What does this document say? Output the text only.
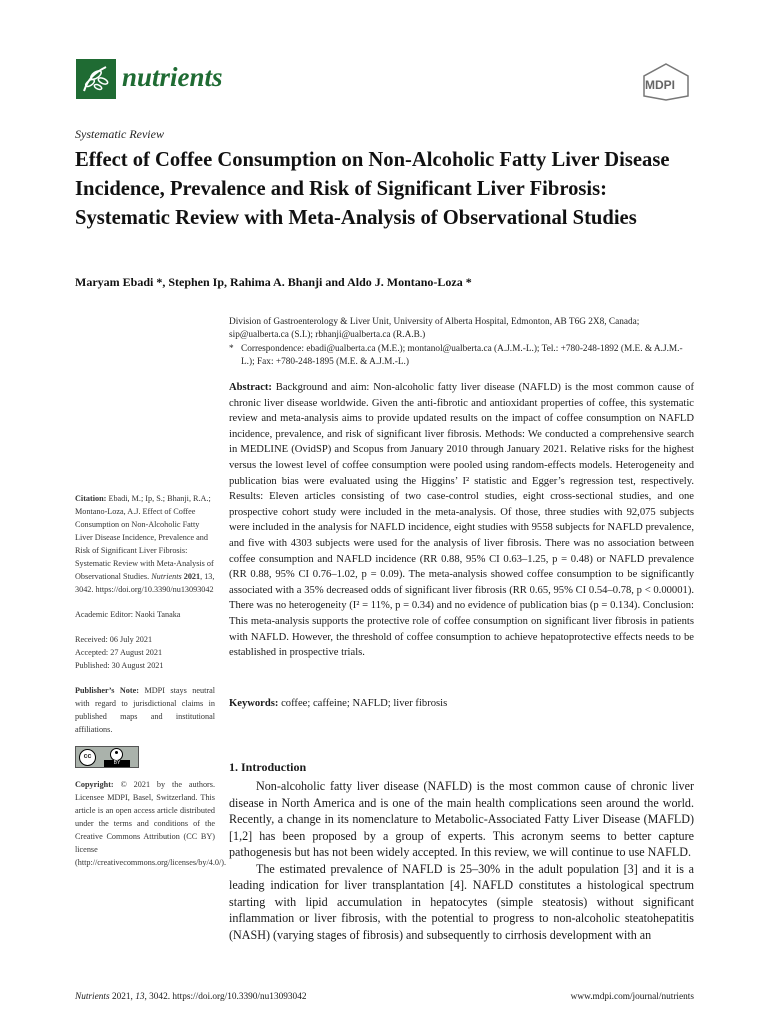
nutrients	MDPI
Systematic Review
Effect of Coffee Consumption on Non-Alcoholic Fatty Liver Disease Incidence, Prevalence and Risk of Significant Liver Fibrosis: Systematic Review with Meta-Analysis of Observational Studies
Maryam Ebadi *, Stephen Ip, Rahima A. Bhanji and Aldo J. Montano-Loza *
Division of Gastroenterology & Liver Unit, University of Alberta Hospital, Edmonton, AB T6G 2X8, Canada; sip@ualberta.ca (S.I.); rbhanji@ualberta.ca (R.A.B.)
* Correspondence: ebadi@ualberta.ca (M.E.); montanol@ualberta.ca (A.J.M.-L.); Tel.: +780-248-1892 (M.E. & A.J.M.-L.); Fax: +780-248-1895 (M.E. & A.J.M.-L.)
Abstract: Background and aim: Non-alcoholic fatty liver disease (NAFLD) is the most common cause of chronic liver disease worldwide. Given the anti-fibrotic and antioxidant properties of coffee, this systematic review and meta-analysis aims to provide updated results on the impact of coffee consumption on NAFLD incidence, prevalence, and risk of significant liver fibrosis. Methods: We conducted a comprehensive search in MEDLINE (OvidSP) and Scopus from January 2010 through January 2021. Relative risks for the highest versus the lowest level of coffee consumption were pooled using random-effects models. Heterogeneity and publication bias were evaluated using the Higgins’ I² statistic and Egger’s regression test, respectively. Results: Eleven articles consisting of two case-control studies, eight cross-sectional studies, and one prospective cohort study were included in the meta-analysis. Of those, three studies with 92,075 subjects were included in the analysis for NAFLD incidence, eight studies with 9558 subjects for NAFLD prevalence, and five with 4303 subjects were used for the analysis of liver fibrosis. There was no association between coffee consumption and NAFLD incidence (RR 0.88, 95% CI 0.63–1.25, p = 0.48) or NAFLD prevalence (RR 0.88, 95% CI 0.76–1.02, p = 0.09). The meta-analysis showed coffee consumption to be significantly associated with a 35% decreased odds of significant liver fibrosis (RR 0.65, 95% CI 0.54–0.78, p < 0.00001). There was no heterogeneity (I² = 11%, p = 0.34) and no evidence of publication bias (p = 0.134). Conclusion: This meta-analysis supports the protective role of coffee consumption on significant liver fibrosis in patients with NAFLD. However, the threshold of coffee consumption to achieve hepatoprotective effects needs to be established in prospective trials.
Keywords: coffee; caffeine; NAFLD; liver fibrosis

Citation: Ebadi, M.; Ip, S.; Bhanji, R.A.; Montano-Loza, A.J. Effect of Coffee Consumption on Non-Alcoholic Fatty Liver Disease Incidence, Prevalence and Risk of Significant Liver Fibrosis: Systematic Review with Meta-Analysis of Observational Studies. Nutrients 2021, 13, 3042. https://doi.org/10.3390/nu13093042

Academic Editor: Naoki Tanaka

Received: 06 July 2021

Accepted: 27 August 2021

Published: 30 August 2021

Publisher’s Note: MDPI stays neutral with regard to jurisdictional claims in published maps and institutional affiliations.

cc
BY

Copyright: © 2021 by the authors. Licensee MDPI, Basel, Switzerland. This article is an open access article distributed under the terms and conditions of the Creative Commons Attribution (CC BY) license (http://creativecommons.org/licenses/by/4.0/).

1. Introduction

Non-alcoholic fatty liver disease (NAFLD) is the most common cause of chronic liver disease in North America and is one of the main health complications seen around the world. Recently, a change in its nomenclature to Metabolic-Associated Fatty Liver Disease (MAFLD) [1,2] has been proposed by a group of experts. This acronym seems to better capture pathogenesis but has not been widely accepted. In this review, we will continue to use NAFLD.

The estimated prevalence of NAFLD is 25–30% in the adult population [3] and it is a leading indication for liver transplantation [4]. NAFLD constitutes a histological spectrum starting with lipid accumulation in hepatocytes (simple steatosis) without significant inflammation or liver fibrosis, with the potential to progress to non-alcoholic steatohepatitis (NASH) (varying stages of fibrosis) and subsequently to cirrhosis development with an

Nutrients 2021, 13, 3042. https://doi.org/10.3390/nu13093042	www.mdpi.com/journal/nutrients
